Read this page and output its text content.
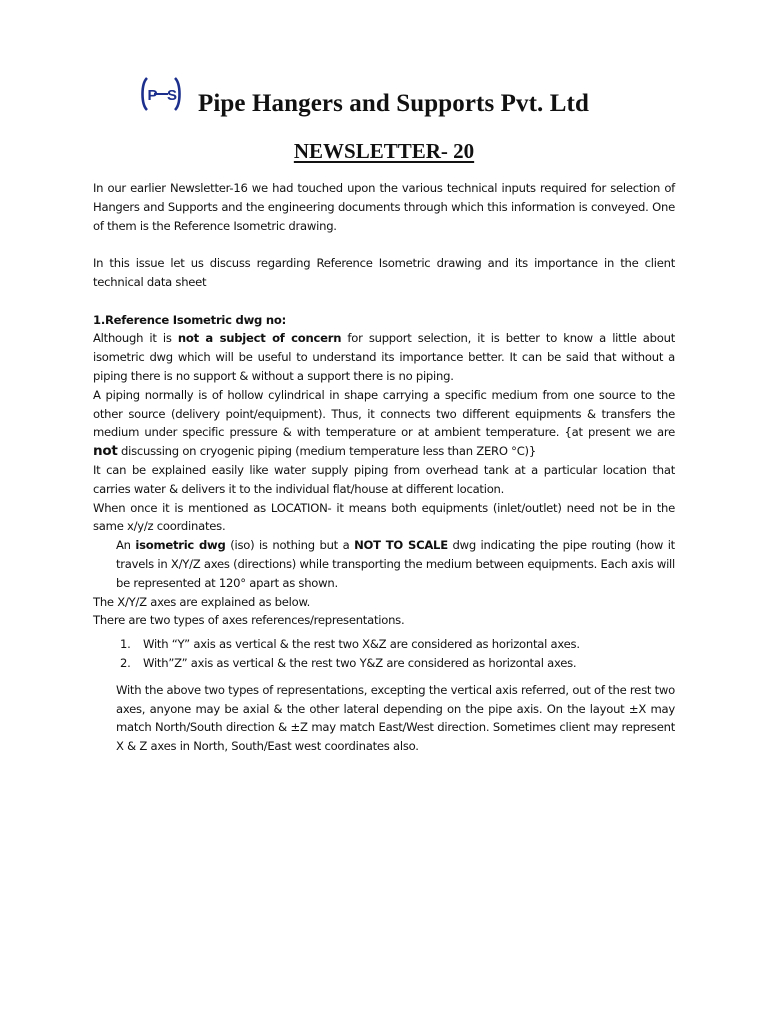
P S Pipe Hangers and Supports Pvt. Ltd
NEWSLETTER- 20

In our earlier Newsletter-16 we had touched upon the various technical inputs required for selection of Hangers and Supports and the engineering documents through which this information is conveyed. One of them is the Reference Isometric drawing.

In this issue let us discuss regarding Reference Isometric drawing and its importance in the client technical data sheet

1.Reference Isometric dwg no:

Although it is not a subject of concern for support selection, it is better to know a little about isometric dwg which will be useful to understand its importance better. It can be said that without a piping there is no support & without a support there is no piping.

A piping normally is of hollow cylindrical in shape carrying a specific medium from one source to the other source (delivery point/equipment). Thus, it connects two different equipments & transfers the medium under specific pressure & with temperature or at ambient temperature. {at present we are not discussing on cryogenic piping (medium temperature less than ZERO °C)}

It can be explained easily like water supply piping from overhead tank at a particular location that carries water & delivers it to the individual flat/house at different location.

When once it is mentioned as LOCATION- it means both equipments (inlet/outlet) need not be in the same x/y/z coordinates.

An isometric dwg (iso) is nothing but a NOT TO SCALE dwg indicating the pipe routing (how it travels in X/Y/Z axes (directions) while transporting the medium between equipments. Each axis will be represented at 120° apart as shown.

The X/Y/Z axes are explained as below.

There are two types of axes references/representations.

1.	With “Y” axis as vertical & the rest two X&Z are considered as horizontal axes.
2.	With”Z” axis as vertical & the rest two Y&Z are considered as horizontal axes.

With the above two types of representations, excepting the vertical axis referred, out of the rest two axes, anyone may be axial & the other lateral depending on the pipe axis. On the layout ±X may match North/South direction & ±Z may match East/West direction. Sometimes client may represent X & Z axes in North, South/East west coordinates also.
